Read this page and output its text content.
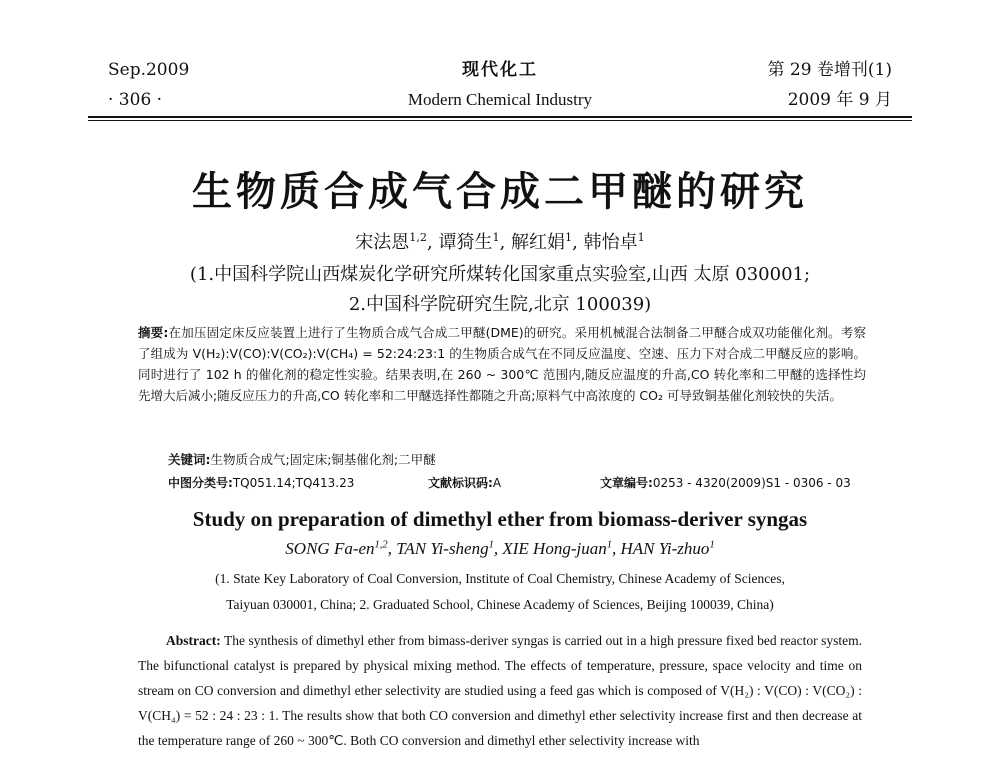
Sep.2009
· 306 ·
现代化工
Modern Chemical Industry
第 29 卷增刊(1)
2009 年 9 月
生物质合成气合成二甲醚的研究
宋法恩$^{1,2}$, 谭猗生$^1$, 解红娟$^1$, 韩怡卓$^1$
(1.中国科学院山西煤炭化学研究所煤转化国家重点实验室,山西 太原 030001;
2.中国科学院研究生院,北京 100039)
摘要:在加压固定床反应装置上进行了生物质合成气合成二甲醚(DME)的研究。采用机械混合法制备二甲醚合成双功能催化剂。考察了组成为 V(H₂):V(CO):V(CO₂):V(CH₄) = 52:24:23:1 的生物质合成气在不同反应温度、空速、压力下对合成二甲醚反应的影响。同时进行了 102 h 的催化剂的稳定性实验。结果表明,在 260 ~ 300℃ 范围内,随反应温度的升高,CO 转化率和二甲醚的选择性均先增大后减小;随反应压力的升高,CO 转化率和二甲醚选择性都随之升高;原料气中高浓度的 CO₂ 可导致铜基催化剂较快的失活。
关键词:生物质合成气;固定床;铜基催化剂;二甲醚
中图分类号:TQ051.14;TQ413.23	文献标识码:A	文章编号:0253 - 4320(2009)S1 - 0306 - 03
Study on preparation of dimethyl ether from biomass-deriver syngas
SONG Fa-en$^{1,2}$, TAN Yi-sheng$^1$, XIE Hong-juan$^1$, HAN Yi-zhuo$^1$
(1. State Key Laboratory of Coal Conversion, Institute of Coal Chemistry, Chinese Academy of Sciences,
Taiyuan 030001, China; 2. Graduated School, Chinese Academy of Sciences, Beijing 100039, China)
Abstract: The synthesis of dimethyl ether from bimass-deriver syngas is carried out in a high pressure fixed bed reactor system. The bifunctional catalyst is prepared by physical mixing method. The effects of temperature, pressure, space velocity and time on stream on CO conversion and dimethyl ether selectivity are studied using a feed gas which is composed of V(H₂) : V(CO) : V(CO₂) : V(CH₄) = 52 : 24 : 23 : 1. The results show that both CO conversion and dimethyl ether selectivity increase first and then decrease at the temperature range of 260 ~ 300℃. Both CO conversion and dimethyl ether selectivity increase with
